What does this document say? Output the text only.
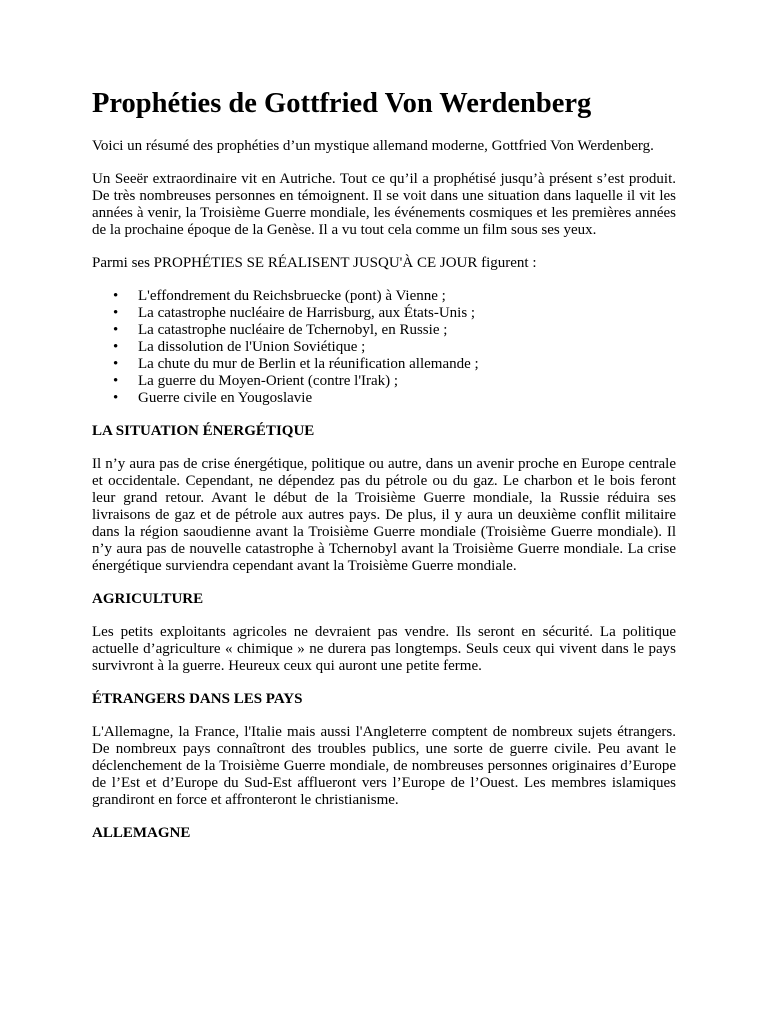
Prophéties de Gottfried Von Werdenberg

Voici un résumé des prophéties d’un mystique allemand moderne, Gottfried Von Werdenberg.

Un Seeër extraordinaire vit en Autriche. Tout ce qu’il a prophétisé jusqu’à présent s’est produit. De très nombreuses personnes en témoignent. Il se voit dans une situation dans laquelle il vit les années à venir, la Troisième Guerre mondiale, les événements cosmiques et les premières années de la prochaine époque de la Genèse. Il a vu tout cela comme un film sous ses yeux.

Parmi ses PROPHÉTIES SE RÉALISENT JUSQU'À CE JOUR figurent :

• L'effondrement du Reichsbruecke (pont) à Vienne ;
• La catastrophe nucléaire de Harrisburg, aux États-Unis ;
• La catastrophe nucléaire de Tchernobyl, en Russie ;
• La dissolution de l'Union Soviétique ;
• La chute du mur de Berlin et la réunification allemande ;
• La guerre du Moyen-Orient (contre l'Irak) ;
• Guerre civile en Yougoslavie
LA SITUATION ÉNERGÉTIQUE

Il n’y aura pas de crise énergétique, politique ou autre, dans un avenir proche en Europe centrale et occidentale. Cependant, ne dépendez pas du pétrole ou du gaz. Le charbon et le bois feront leur grand retour. Avant le début de la Troisième Guerre mondiale, la Russie réduira ses livraisons de gaz et de pétrole aux autres pays. De plus, il y aura un deuxième conflit militaire dans la région saoudienne avant la Troisième Guerre mondiale (Troisième Guerre mondiale). Il n’y aura pas de nouvelle catastrophe à Tchernobyl avant la Troisième Guerre mondiale. La crise énergétique surviendra cependant avant la Troisième Guerre mondiale.

AGRICULTURE

Les petits exploitants agricoles ne devraient pas vendre. Ils seront en sécurité. La politique actuelle d’agriculture « chimique » ne durera pas longtemps. Seuls ceux qui vivent dans le pays survivront à la guerre. Heureux ceux qui auront une petite ferme.

ÉTRANGERS DANS LES PAYS

L'Allemagne, la France, l'Italie mais aussi l'Angleterre comptent de nombreux sujets étrangers. De nombreux pays connaîtront des troubles publics, une sorte de guerre civile. Peu avant le déclenchement de la Troisième Guerre mondiale, de nombreuses personnes originaires d’Europe de l’Est et d’Europe du Sud-Est afflueront vers l’Europe de l’Ouest. Les membres islamiques grandiront en force et affronteront le christianisme.

ALLEMAGNE
